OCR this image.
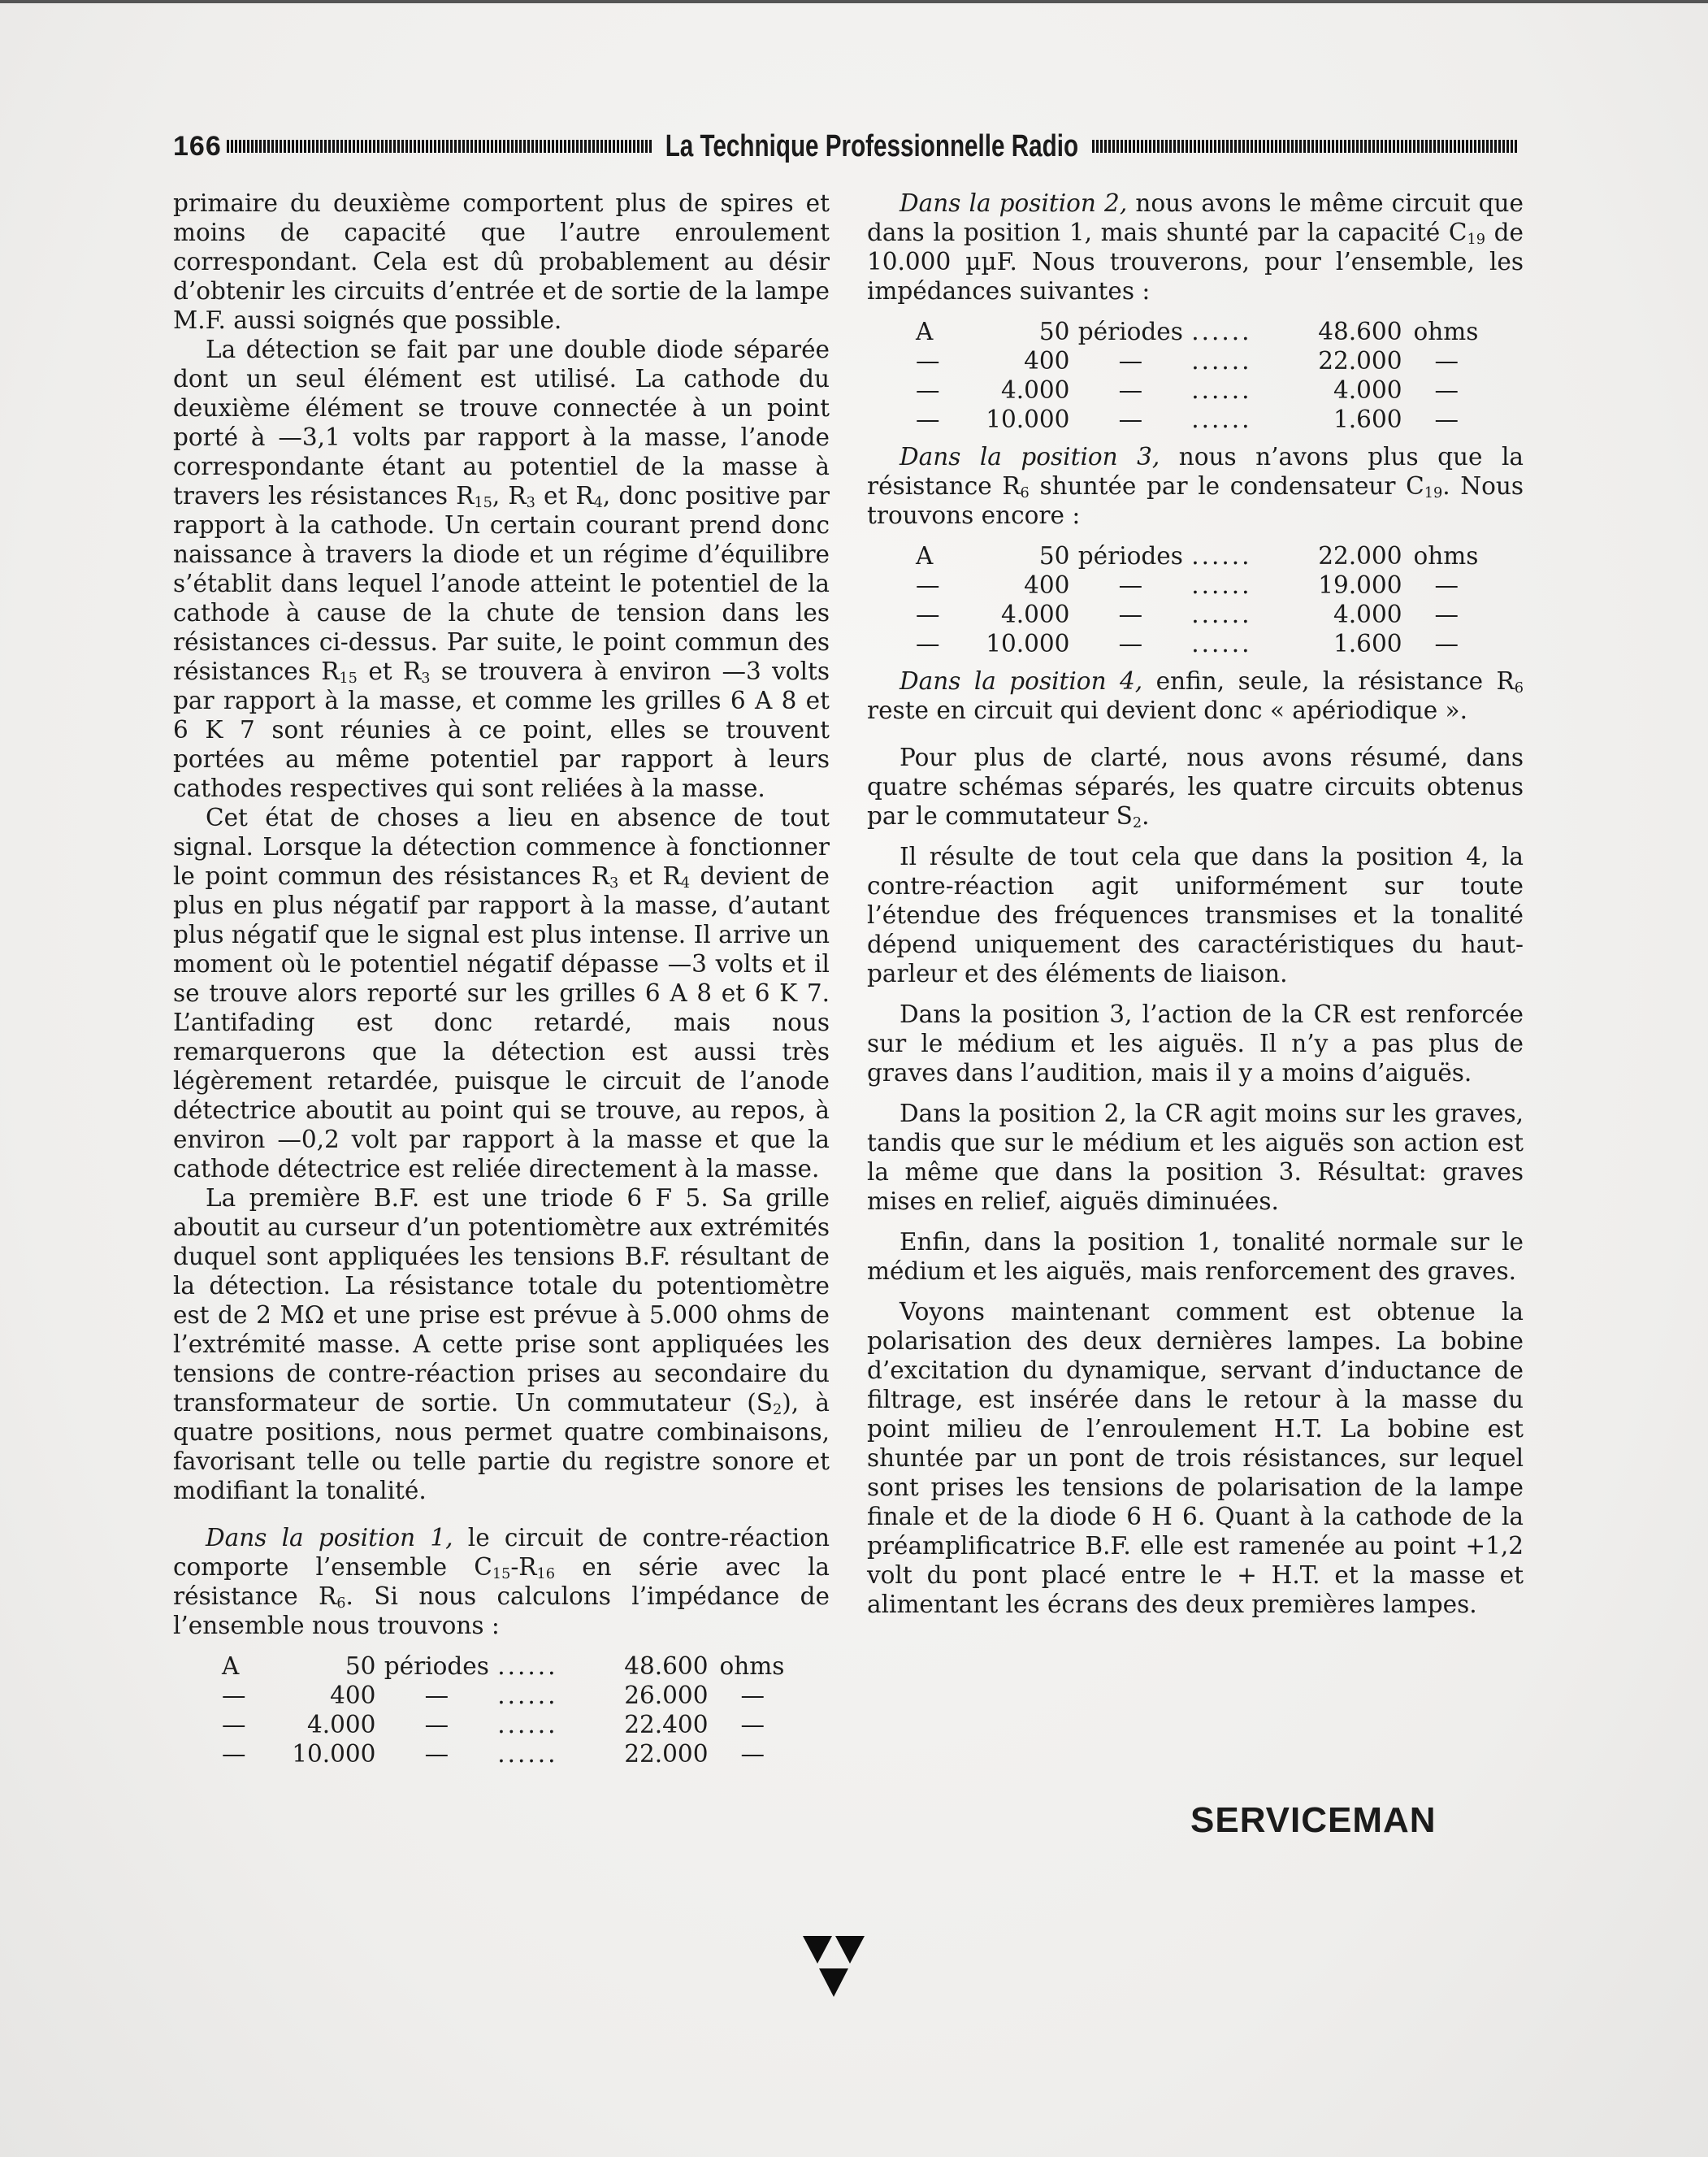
166	La Technique Professionnelle Radio

primaire du deuxième comportent plus de spires et moins de capacité que l’autre enroulement correspondant. Cela est dû probablement au désir d’obtenir les circuits d’entrée et de sortie de la lampe M.F. aussi soignés que possible.

La détection se fait par une double diode séparée dont un seul élément est utilisé. La cathode du deuxième élément se trouve connectée à un point porté à —3,1 volts par rapport à la masse, l’anode correspondante étant au potentiel de la masse à travers les résistances $R_{15}$, $R_3$ et $R_4$, donc positive par rapport à la cathode. Un certain courant prend donc naissance à travers la diode et un régime d’équilibre s’établit dans lequel l’anode atteint le potentiel de la cathode à cause de la chute de tension dans les résistances ci-dessus. Par suite, le point commun des résistances $R_{15}$ et $R_3$ se trouvera à environ —3 volts par rapport à la masse, et comme les grilles 6 A 8 et 6 K 7 sont réunies à ce point, elles se trouvent portées au même potentiel par rapport à leurs cathodes respectives qui sont reliées à la masse.

Cet état de choses a lieu en absence de tout signal. Lorsque la détection commence à fonctionner le point commun des résistances $R_3$ et $R_4$ devient de plus en plus négatif par rapport à la masse, d’autant plus négatif que le signal est plus intense. Il arrive un moment où le potentiel négatif dépasse —3 volts et il se trouve alors reporté sur les grilles 6 A 8 et 6 K 7. L’antifading est donc retardé, mais nous remarquerons que la détection est aussi très légèrement retardée, puisque le circuit de l’anode détectrice aboutit au point qui se trouve, au repos, à environ —0,2 volt par rapport à la masse et que la cathode détectrice est reliée directement à la masse.

La première B.F. est une triode 6 F 5. Sa grille aboutit au curseur d’un potentiomètre aux extrémités duquel sont appliquées les tensions B.F. résultant de la détection. La résistance totale du potentiomètre est de 2 MΩ et une prise est prévue à 5.000 ohms de l’extrémité masse. A cette prise sont appliquées les tensions de contre-réaction prises au secondaire du transformateur de sortie. Un commutateur $(S_2)$, à quatre positions, nous permet quatre combinaisons, favorisant telle ou telle partie du registre sonore et modifiant la tonalité.

Dans la position 1, le circuit de contre-réaction comporte l’ensemble $C_{15}-R_{16}$ en série avec la résistance $R_6$. Si nous calculons l’impédance de l’ensemble nous trouvons :

A	50	périodes	......	48.600	ohms
—	400	—	......	26.000	—
—	4.000	—	......	22.400	—
—	10.000	—	......	22.000	—

Dans la position 2, nous avons le même circuit que dans la position 1, mais shunté par la capacité $C_{19}$ de 10.000 µµF. Nous trouverons, pour l’ensemble, les impédances suivantes :

A	50	périodes	......	48.600	ohms
—	400	—	......	22.000	—
—	4.000	—	......	4.000	—
—	10.000	—	......	1.600	—

Dans la position 3, nous n’avons plus que la résistance $R_6$ shuntée par le condensateur $C_{19}$. Nous trouvons encore :

A	50	périodes	......	22.000	ohms
—	400	—	......	19.000	—
—	4.000	—	......	4.000	—
—	10.000	—	......	1.600	—

Dans la position 4, enfin, seule, la résistance $R_6$ reste en circuit qui devient donc « apériodique ».

Pour plus de clarté, nous avons résumé, dans quatre schémas séparés, les quatre circuits obtenus par le commutateur $S_2$.

Il résulte de tout cela que dans la position 4, la contre-réaction agit uniformément sur toute l’étendue des fréquences transmises et la tonalité dépend uniquement des caractéristiques du haut-parleur et des éléments de liaison.

Dans la position 3, l’action de la CR est renforcée sur le médium et les aiguës. Il n’y a pas plus de graves dans l’audition, mais il y a moins d’aiguës.

Dans la position 2, la CR agit moins sur les graves, tandis que sur le médium et les aiguës son action est la même que dans la position 3. Résultat: graves mises en relief, aiguës diminuées.

Enfin, dans la position 1, tonalité normale sur le médium et les aiguës, mais renforcement des graves.

Voyons maintenant comment est obtenue la polarisation des deux dernières lampes. La bobine d’excitation du dynamique, servant d’inductance de filtrage, est insérée dans le retour à la masse du point milieu de l’enroulement H.T. La bobine est shuntée par un pont de trois résistances, sur lequel sont prises les tensions de polarisation de la lampe finale et de la diode 6 H 6. Quant à la cathode de la préamplificatrice B.F. elle est ramenée au point +1,2 volt du pont placé entre le + H.T. et la masse et alimentant les écrans des deux premières lampes.

SERVICEMAN
